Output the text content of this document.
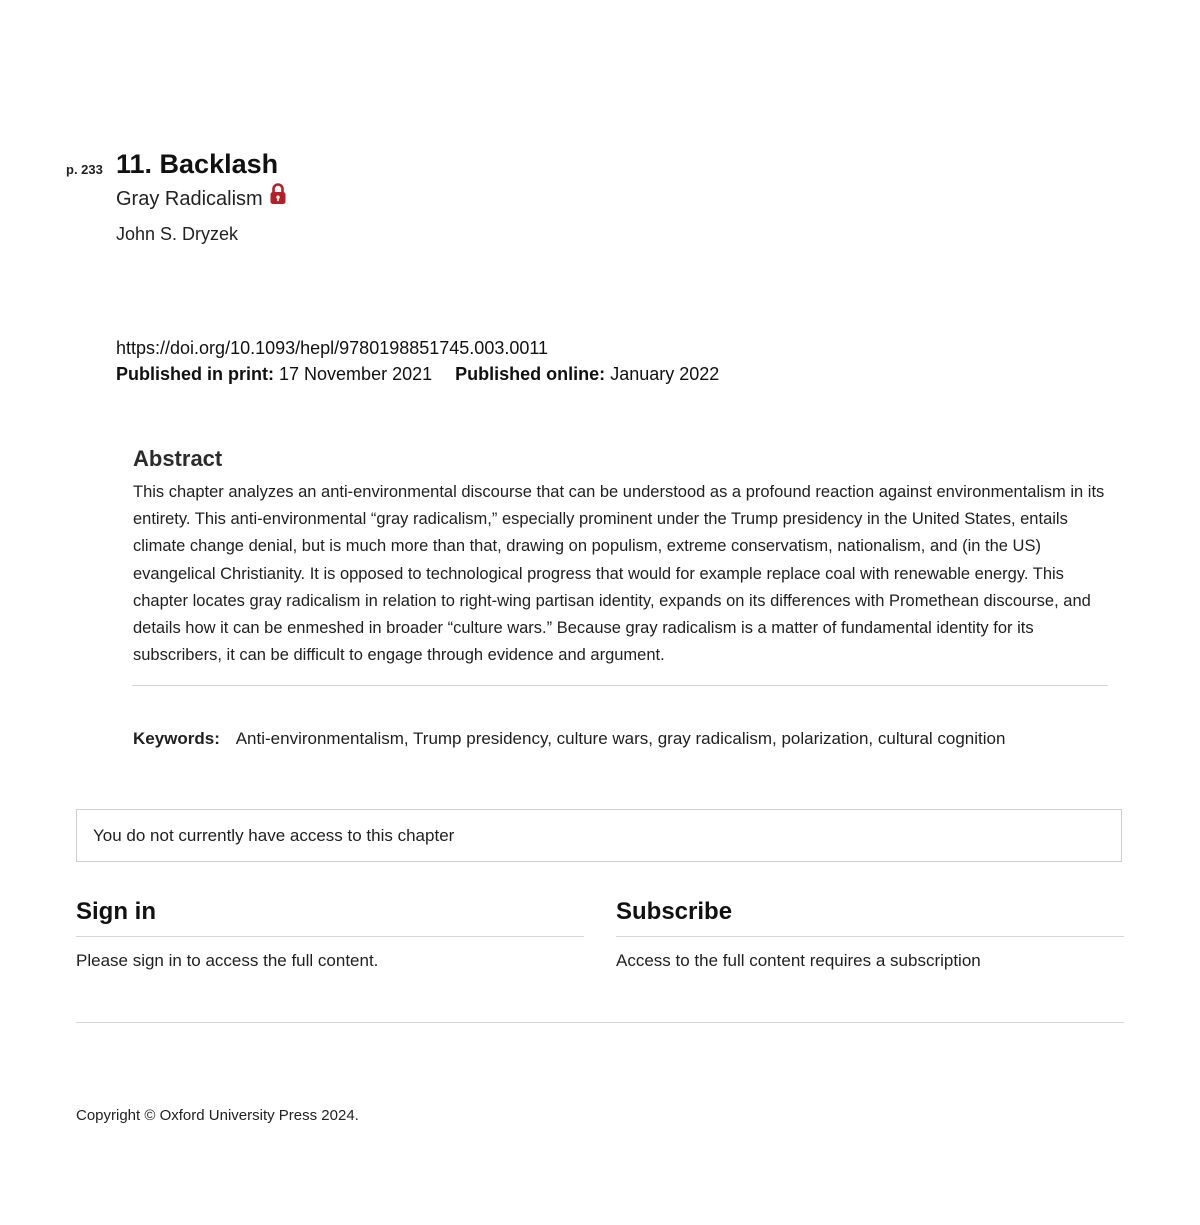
p. 233 11. Backlash
Gray Radicalism
John S. Dryzek
https://doi.org/10.1093/hepl/9780198851745.003.0011
Published in print: 17 November 2021 Published online: January 2022
Abstract

This chapter analyzes an anti-environmental discourse that can be understood as a profound reaction against environmentalism in its entirety. This anti-environmental “gray radicalism,” especially prominent under the Trump presidency in the United States, entails climate change denial, but is much more than that, drawing on populism, extreme conservatism, nationalism, and (in the US) evangelical Christianity. It is opposed to technological progress that would for example replace coal with renewable energy. This chapter locates gray radicalism in relation to right-wing partisan identity, expands on its differences with Promethean discourse, and details how it can be enmeshed in broader “culture wars.” Because gray radicalism is a matter of fundamental identity for its subscribers, it can be difficult to engage through evidence and argument.

Keywords: Anti-environmentalism, Trump presidency, culture wars, gray radicalism, polarization, cultural cognition
You do not currently have access to this chapter
Sign in

Please sign in to access the full content.

Subscribe

Access to the full content requires a subscription

Copyright © Oxford University Press 2024.
